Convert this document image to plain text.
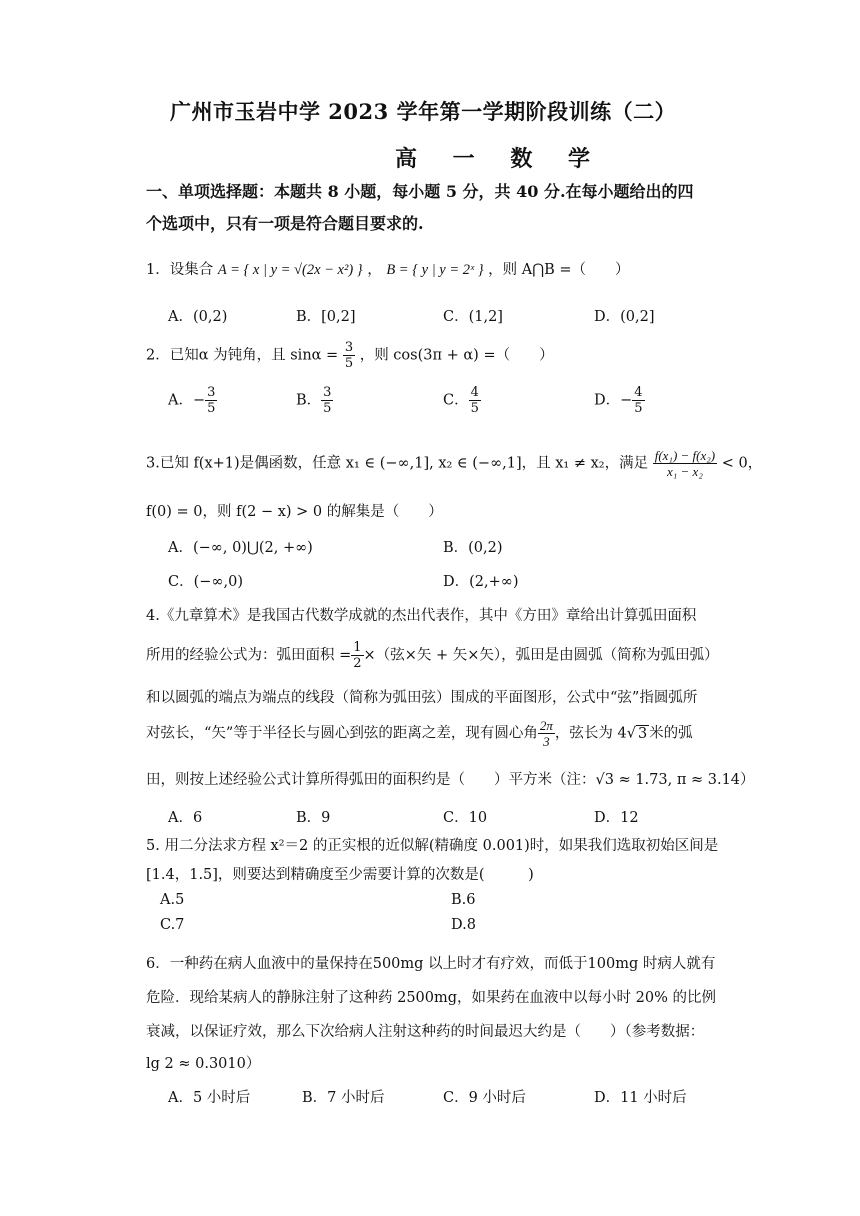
广州市玉岩中学 2023 学年第一学期阶段训练（二）
高 一 数 学
一、单项选择题：本题共 8 小题，每小题 5 分，共 40 分.在每小题给出的四
个选项中，只有一项是符合题目要求的.
1．设集合 A = { x | y = √(2x − x²) } ， B = { y | y = 2ˣ } ，则 A⋂B =（　　）
A．(0,2)	B．[0,2]	C．(1,2]	D．(0,2]
2．已知α 为钝角，且 $\sin\alpha = \frac{3}{5}$ ，则 cos(3π + α) =（　　）
A．− $\frac{3}{5}$	B． $\frac{3}{5}$	C． $\frac{4}{5}$	D．− $\frac{4}{5}$
3.已知 f(x+1)是偶函数，任意 x₁ ∈ (−∞,1], x₂ ∈ (−∞,1]，且 x₁ ≠ x₂，满足 $\frac{\text{f(x₁) − f(x₂)}}{\text{x₁ − x₂}} < 0$，
f(0) = 0，则 f(2 − x) > 0 的解集是（　　）
A．(−∞, 0)⋃(2, +∞)	B．(0,2)
C．(−∞,0)	D．(2,+∞)
4.《九章算术》是我国古代数学成就的杰出代表作，其中《方田》章给出计算弧田面积
所用的经验公式为：弧田面积 = $\frac{1}{2}$ ×（弦×矢 + 矢×矢），弧田是由圆弧（简称为弧田弧）
和以圆弧的端点为端点的线段（简称为弧田弦）围成的平面图形，公式中“弦”指圆弧所
对弦长，“矢”等于半径长与圆心到弦的距离之差，现有圆心角 $\frac{2\pi}{3}$ ，弦长为 4√ 3 米的弧
田，则按上述经验公式计算所得弧田的面积约是（　　）平方米（注：√3 ≈ 1.73, π ≈ 3.14）
A．6	B．9	C．10	D．12
5. 用二分法求方程 x²＝2 的正实根的近似解(精确度 0.001)时，如果我们选取初始区间是
[1.4，1.5]，则要达到精确度至少需要计算的次数是(　　　)
A.5	B.6
C.7	D.8
6．一种药在病人血液中的量保持在500mg 以上时才有疗效，而低于100mg 时病人就有
危险．现给某病人的静脉注射了这种药 2500mg，如果药在血液中以每小时 20% 的比例
衰减，以保证疗效，那么下次给病人注射这种药的时间最迟大约是（　　）（参考数据：
lg 2 ≈ 0.3010）
A．5 小时后	B．7 小时后	C．9 小时后	D．11 小时后
